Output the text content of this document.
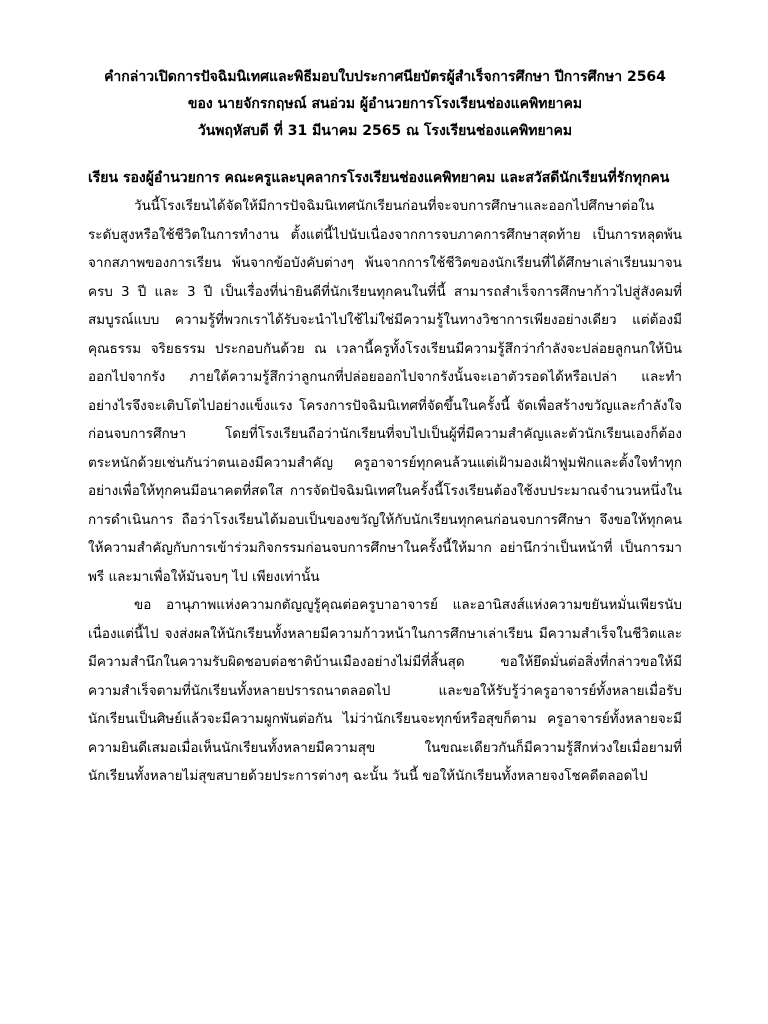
คำกล่าวเปิดการปัจฉิมนิเทศและพิธีมอบใบประกาศนียบัตรผู้สำเร็จการศึกษา ปีการศึกษา 2564
ของ นายจักรกฤษณ์ สนอ่วม ผู้อำนวยการโรงเรียนช่องแคพิทยาคม
วันพฤหัสบดี ที่ 31 มีนาคม 2565 ณ โรงเรียนช่องแคพิทยาคม

เรียน รองผู้อำนวยการ คณะครูและบุคลากรโรงเรียนช่องแคพิทยาคม และสวัสดีนักเรียนที่รักทุกคน

วันนี้โรงเรียนได้จัดให้มีการปัจฉิมนิเทศนักเรียนก่อนที่จะจบการศึกษาและออกไปศึกษาต่อในระดับสูงหรือใช้ชีวิตในการทำงาน ตั้งแต่นี้ไปนับเนื่องจากการจบภาคการศึกษาสุดท้าย เป็นการหลุดพ้นจากสภาพของการเรียน พ้นจากข้อบังคับต่างๆ พ้นจากการใช้ชีวิตของนักเรียนที่ได้ศึกษาเล่าเรียนมาจนครบ 3 ปี และ 3 ปี เป็นเรื่องที่น่ายินดีที่นักเรียนทุกคนในที่นี้ สามารถสำเร็จการศึกษาก้าวไปสู่สังคมที่สมบูรณ์แบบ ความรู้ที่พวกเราได้รับจะนำไปใช้ไม่ใช่มีความรู้ในทางวิชาการเพียงอย่างเดียว แต่ต้องมีคุณธรรม จริยธรรม ประกอบกันด้วย ณ เวลานี้ครูทั้งโรงเรียนมีความรู้สึกว่ากำลังจะปล่อยลูกนกให้บินออกไปจากรัง ภายใต้ความรู้สึกว่าลูกนกที่ปล่อยออกไปจากรังนั้นจะเอาตัวรอดได้หรือเปล่า และทำอย่างไรจึงจะเติบโตไปอย่างแข็งแรง โครงการปัจฉิมนิเทศที่จัดขึ้นในครั้งนี้ จัดเพื่อสร้างขวัญและกำลังใจก่อนจบการศึกษา โดยที่โรงเรียนถือว่านักเรียนที่จบไปเป็นผู้ที่มีความสำคัญและตัวนักเรียนเองก็ต้องตระหนักด้วยเช่นกันว่าตนเองมีความสำคัญ ครูอาจารย์ทุกคนล้วนแต่เฝ้ามองเฝ้าฟูมฟักและตั้งใจทำทุกอย่างเพื่อให้ทุกคนมีอนาคตที่สดใส การจัดปัจฉิมนิเทศในครั้งนี้โรงเรียนต้องใช้งบประมาณจำนวนหนึ่งในการดำเนินการ ถือว่าโรงเรียนได้มอบเป็นของขวัญให้กับนักเรียนทุกคนก่อนจบการศึกษา จึงขอให้ทุกคนให้ความสำคัญกับการเข้าร่วมกิจกรรมก่อนจบการศึกษาในครั้งนี้ให้มาก อย่านึกว่าเป็นหน้าที่ เป็นการมาพรี และมาเพื่อให้มันจบๆ ไป เพียงเท่านั้น

ขอ อานุภาพแห่งความกตัญญูรู้คุณต่อครูบาอาจารย์ และอานิสงส์แห่งความขยันหมั่นเพียรนับเนื่องแต่นี้ไป จงส่งผลให้นักเรียนทั้งหลายมีความก้าวหน้าในการศึกษาเล่าเรียน มีความสำเร็จในชีวิตและมีความสำนึกในความรับผิดชอบต่อชาติบ้านเมืองอย่างไม่มีที่สิ้นสุด ขอให้ยึดมั่นต่อสิ่งที่กล่าวขอให้มีความสำเร็จตามที่นักเรียนทั้งหลายปรารถนาตลอดไป และขอให้รับรู้ว่าครูอาจารย์ทั้งหลายเมื่อรับนักเรียนเป็นศิษย์แล้วจะมีความผูกพันต่อกัน ไม่ว่านักเรียนจะทุกข์หรือสุขก็ตาม ครูอาจารย์ทั้งหลายจะมีความยินดีเสมอเมื่อเห็นนักเรียนทั้งหลายมีความสุข ในขณะเดียวกันก็มีความรู้สึกห่วงใยเมื่อยามที่นักเรียนทั้งหลายไม่สุขสบายด้วยประการต่างๆ ฉะนั้น วันนี้ ขอให้นักเรียนทั้งหลายจงโชคดีตลอดไป
